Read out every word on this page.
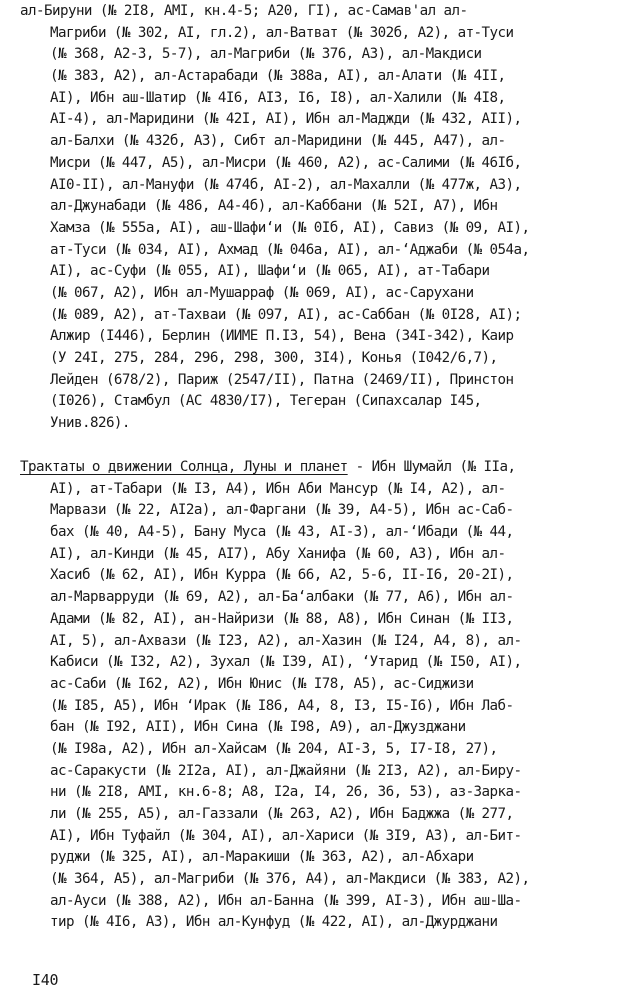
ал-Бируни (№ 2I8, АМI, кн.4-5; А20, ГI), ас-Самав'ал ал-
Магриби (№ 302, АI, гл.2), ал-Ватват (№ 302б, А2), ат-Туси
(№ 368, А2-3, 5-7), ал-Магриби (№ 376, А3), ал-Макдиси
(№ 383, А2), ал-Астарабади (№ 388а, АI), ал-Алати (№ 4II,
АI), Ибн аш-Шатир (№ 4I6, АI3, I6, I8), ал-Халили (№ 4I8,
АI-4), ал-Маридини (№ 42I, АI), Ибн ал-Маджди (№ 432, АII),
ал-Балхи (№ 432б, А3), Сибт ал-Маридини (№ 445, А47), ал-
Мисри (№ 447, А5), ал-Мисри (№ 460, А2), ас-Салими (№ 46Iб,
АI0-II), ал-Мануфи (№ 474б, АI-2), ал-Махалли (№ 477ж, А3),
ал-Джунабади (№ 486, А4-4б), ал-Каббани (№ 52I, А7), Ибн
Хамза (№ 555а, АI), аш-Шафи‘и (№ 0Iб, АI), Савиз (№ 09, АI),
ат-Туси (№ 034, АI), Ахмад (№ 046а, АI), ал-‘Аджаби (№ 054а,
АI), ас-Суфи (№ 055, АI), Шафи‘и (№ 065, АI), ат-Табари
(№ 067, А2), Ибн ал-Мушарраф (№ 069, АI), ас-Сарухани
(№ 089, А2), ат-Тахваи (№ 097, АI), ас-Саббан (№ 0I28, АI);
Алжир (I446), Берлин (ИИМЕ П.I3, 54), Вена (34I-342), Каир
(У 24I, 275, 284, 296, 298, 300, 3I4), Конья (I042/6,7),
Лейден (678/2), Париж (2547/II), Патна (2469/II), Принстон
(I026), Стамбул (АС 4830/I7), Тегеран (Сипахсалар I45,
Унив.826).
Трактаты о движении Солнца, Луны и планет - Ибн Шумайл (№ IIа,
АI), ат-Табари (№ I3, А4), Ибн Аби Мансур (№ I4, А2), ал-
Марвази (№ 22, АI2а), ал-Фаргани (№ 39, А4-5), Ибн ас-Саб-
бах (№ 40, А4-5), Бану Муса (№ 43, АI-3), ал-‘Ибади (№ 44,
АI), ал-Кинди (№ 45, АI7), Абу Ханифа (№ 60, А3), Ибн ал-
Хасиб (№ 62, АI), Ибн Курра (№ 66, А2, 5-6, II-I6, 20-2I),
ал-Марварруди (№ 69, А2), ал-Ба‘албаки (№ 77, А6), Ибн ал-
Адами (№ 82, АI), ан-Найризи (№ 88, А8), Ибн Синан (№ II3,
АI, 5), ал-Ахвази (№ I23, А2), ал-Хазин (№ I24, А4, 8), ал-
Кабиси (№ I32, А2), Зухал (№ I39, АI), ‘Утарид (№ I50, АI),
ас-Саби (№ I62, А2), Ибн Юнис (№ I78, А5), ас-Сиджизи
(№ I85, А5), Ибн ‘Ирак (№ I86, А4, 8, I3, I5-I6), Ибн Лаб-
бан (№ I92, АII), Ибн Сина (№ I98, А9), ал-Джузджани
(№ I98а, А2), Ибн ал-Хайсам (№ 204, АI-3, 5, I7-I8, 27),
ас-Саракусти (№ 2I2а, АI), ал-Джайяни (№ 2I3, А2), ал-Биру-
ни (№ 2I8, АМI, кн.6-8; А8, I2а, I4, 26, 36, 53), аз-Заркa-
ли (№ 255, А5), ал-Газзали (№ 263, А2), Ибн Баджжа (№ 277,
АI), Ибн Туфайл (№ 304, АI), ал-Хариси (№ 3I9, А3), ал-Бит-
руджи (№ 325, АI), ал-Маракиши (№ 363, А2), ал-Абхари
(№ 364, А5), ал-Магриби (№ 376, А4), ал-Макдиси (№ 383, А2),
ал-Ауси (№ 388, А2), Ибн ал-Банна (№ 399, АI-3), Ибн аш-Ша-
тир (№ 4I6, А3), Ибн ал-Кунфуд (№ 422, АI), ал-Джурджани
I40
